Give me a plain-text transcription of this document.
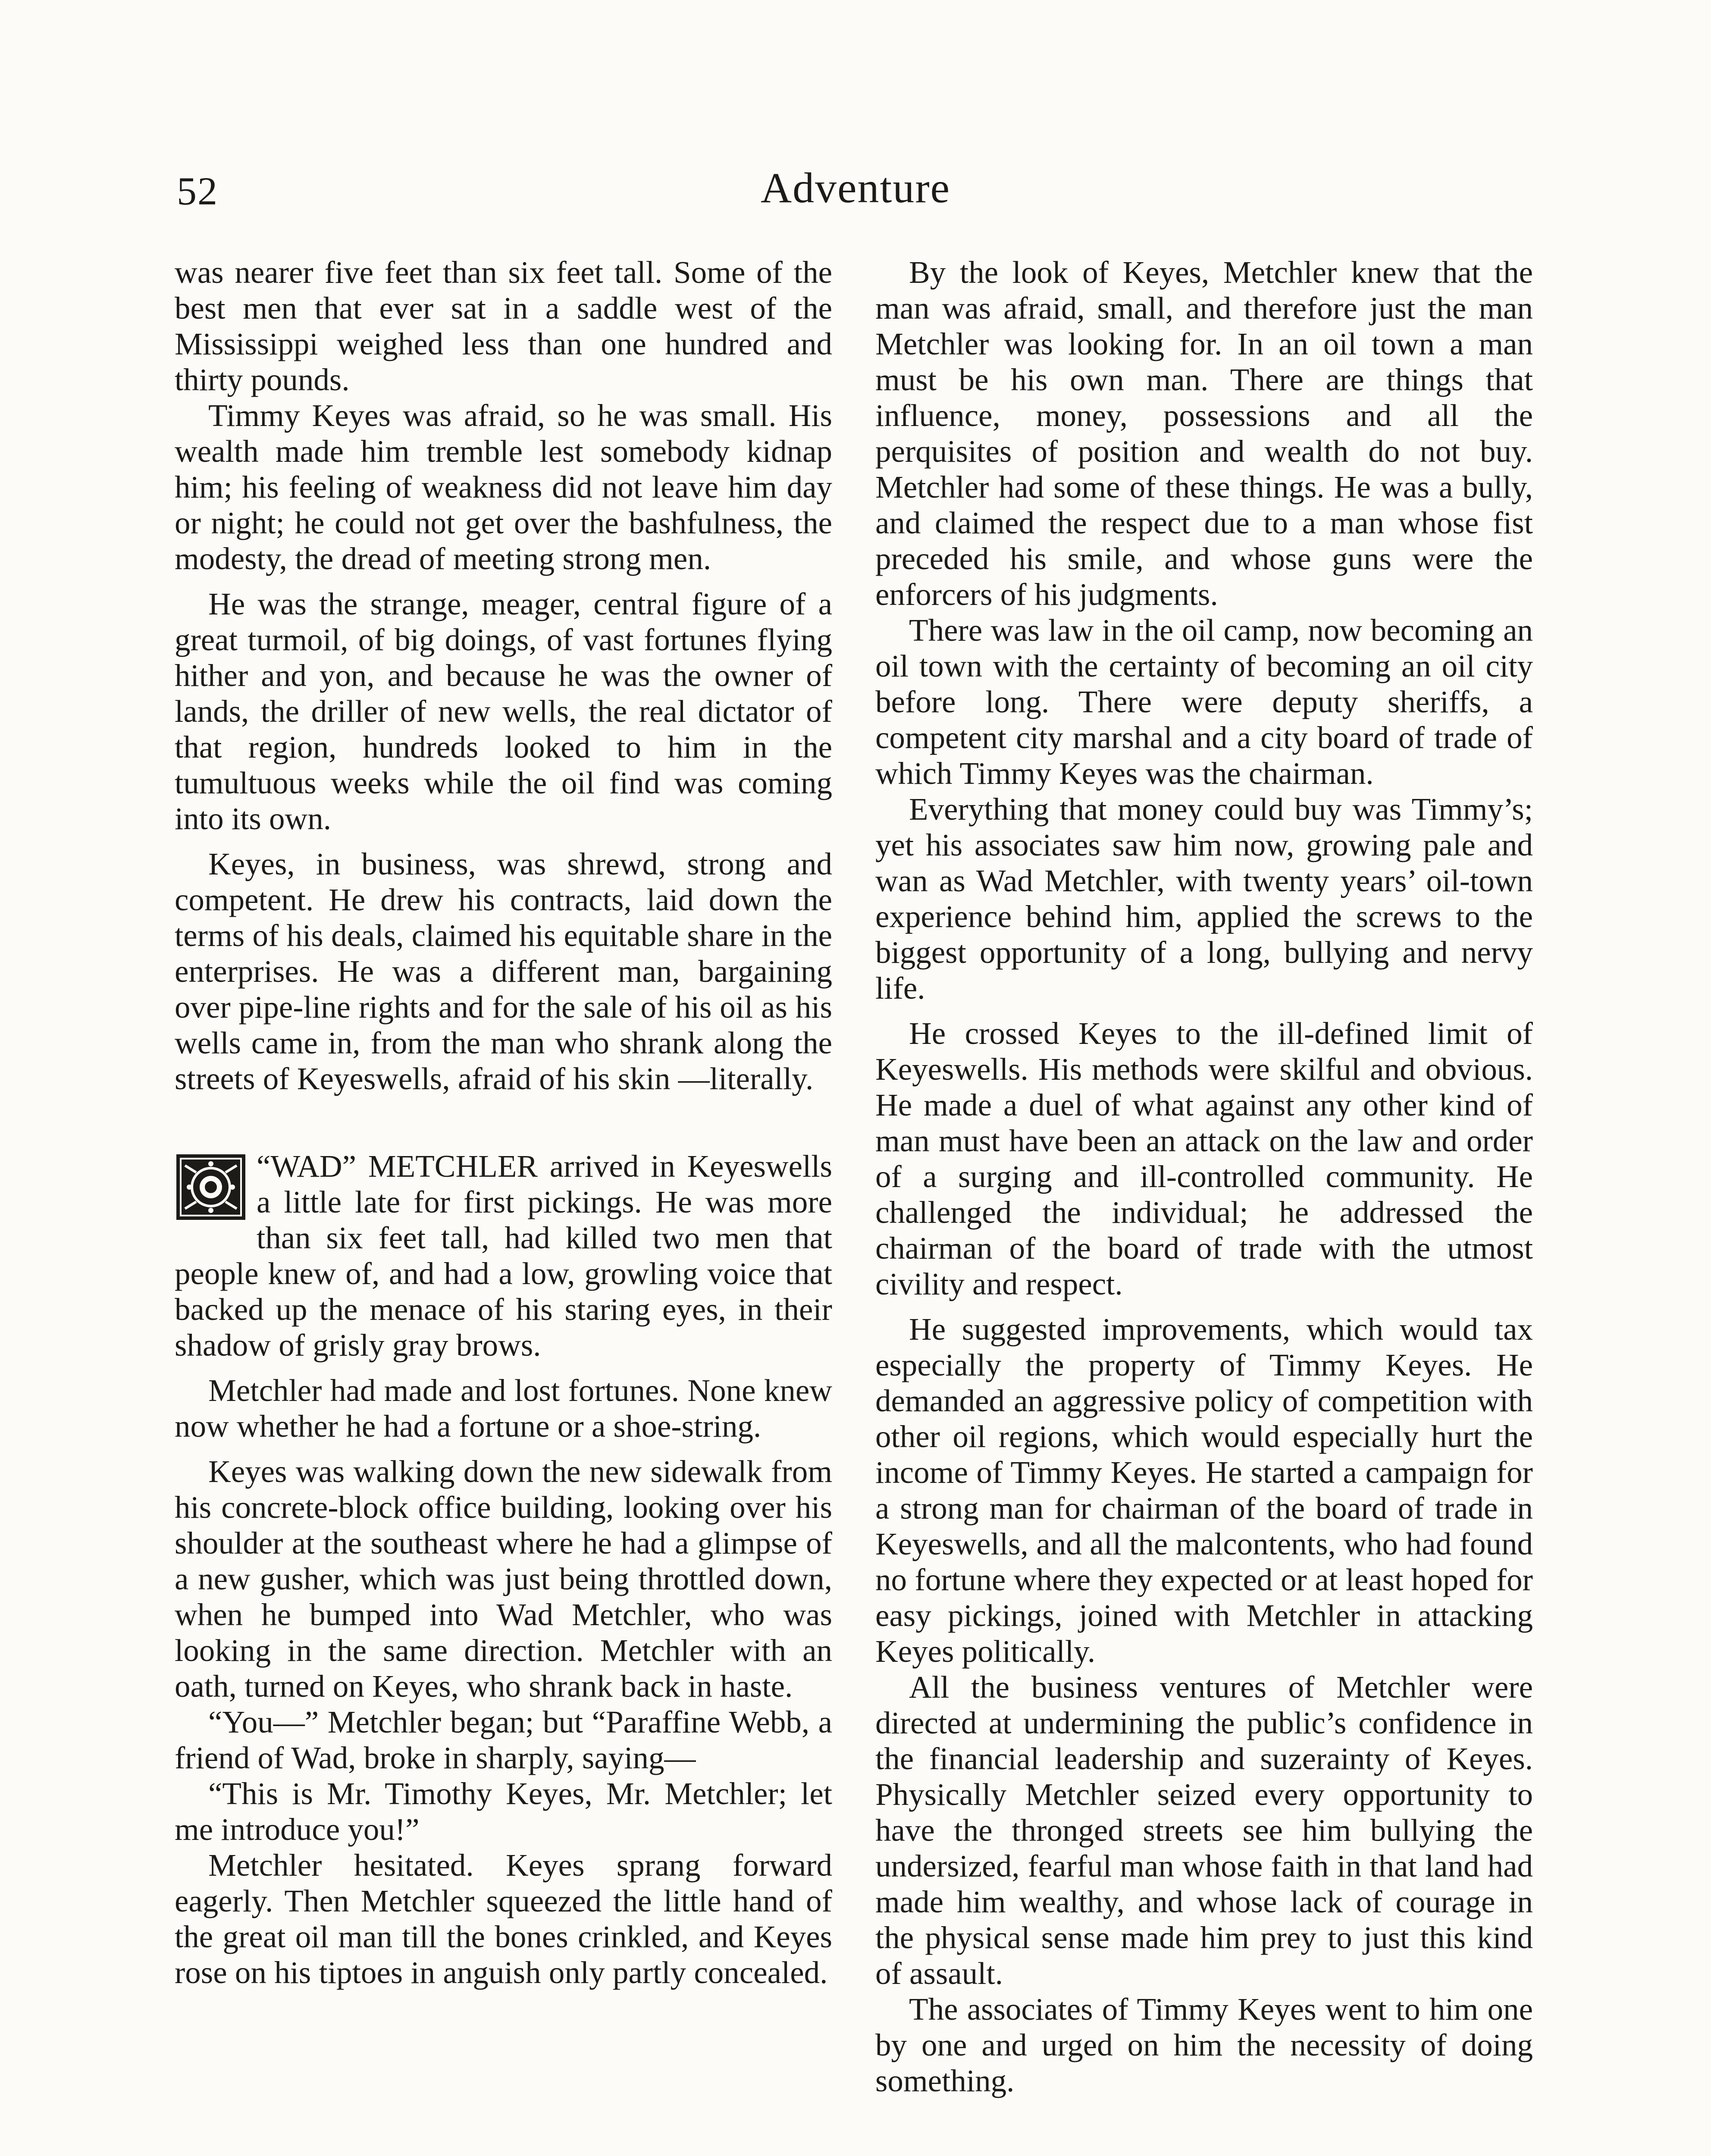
52	Adventure

was nearer five feet than six feet tall. Some of the best men that ever sat in a saddle west of the Mississippi weighed less than one hundred and thirty pounds.

Timmy Keyes was afraid, so he was small. His wealth made him tremble lest somebody kidnap him; his feeling of weakness did not leave him day or night; he could not get over the bashfulness, the modesty, the dread of meeting strong men.

He was the strange, meager, central figure of a great turmoil, of big doings, of vast fortunes flying hither and yon, and because he was the owner of lands, the driller of new wells, the real dictator of that region, hundreds looked to him in the tumultuous weeks while the oil find was coming into its own.

Keyes, in business, was shrewd, strong and competent. He drew his contracts, laid down the terms of his deals, claimed his equitable share in the enterprises. He was a different man, bargaining over pipe-line rights and for the sale of his oil as his wells came in, from the man who shrank along the streets of Keyeswells, afraid of his skin —literally.

“WAD” METCHLER arrived in Keyeswells a little late for first pickings. He was more than six feet tall, had killed two men that people knew of, and had a low, growling voice that backed up the menace of his staring eyes, in their shadow of grisly gray brows.

Metchler had made and lost fortunes. None knew now whether he had a fortune or a shoe-string.

Keyes was walking down the new sidewalk from his concrete-block office building, looking over his shoulder at the southeast where he had a glimpse of a new gusher, which was just being throttled down, when he bumped into Wad Metchler, who was looking in the same direction. Metchler with an oath, turned on Keyes, who shrank back in haste.

“You—” Metchler began; but “Paraffine Webb, a friend of Wad, broke in sharply, saying—

“This is Mr. Timothy Keyes, Mr. Metchler; let me introduce you!”

Metchler hesitated. Keyes sprang forward eagerly. Then Metchler squeezed the little hand of the great oil man till the bones crinkled, and Keyes rose on his tiptoes in anguish only partly concealed.

By the look of Keyes, Metchler knew that the man was afraid, small, and therefore just the man Metchler was looking for. In an oil town a man must be his own man. There are things that influence, money, possessions and all the perquisites of position and wealth do not buy. Metchler had some of these things. He was a bully, and claimed the respect due to a man whose fist preceded his smile, and whose guns were the enforcers of his judgments.

There was law in the oil camp, now becoming an oil town with the certainty of becoming an oil city before long. There were deputy sheriffs, a competent city marshal and a city board of trade of which Timmy Keyes was the chairman.

Everything that money could buy was Timmy’s; yet his associates saw him now, growing pale and wan as Wad Metchler, with twenty years’ oil-town experience behind him, applied the screws to the biggest opportunity of a long, bullying and nervy life.

He crossed Keyes to the ill-defined limit of Keyeswells. His methods were skilful and obvious. He made a duel of what against any other kind of man must have been an attack on the law and order of a surging and ill-controlled community. He challenged the individual; he addressed the chairman of the board of trade with the utmost civility and respect.

He suggested improvements, which would tax especially the property of Timmy Keyes. He demanded an aggressive policy of competition with other oil regions, which would especially hurt the income of Timmy Keyes. He started a campaign for a strong man for chairman of the board of trade in Keyeswells, and all the malcontents, who had found no fortune where they expected or at least hoped for easy pickings, joined with Metchler in attacking Keyes politically.

All the business ventures of Metchler were directed at undermining the public’s confidence in the financial leadership and suzerainty of Keyes. Physically Metchler seized every opportunity to have the thronged streets see him bullying the undersized, fearful man whose faith in that land had made him wealthy, and whose lack of courage in the physical sense made him prey to just this kind of assault.

The associates of Timmy Keyes went to him one by one and urged on him the necessity of doing something.
